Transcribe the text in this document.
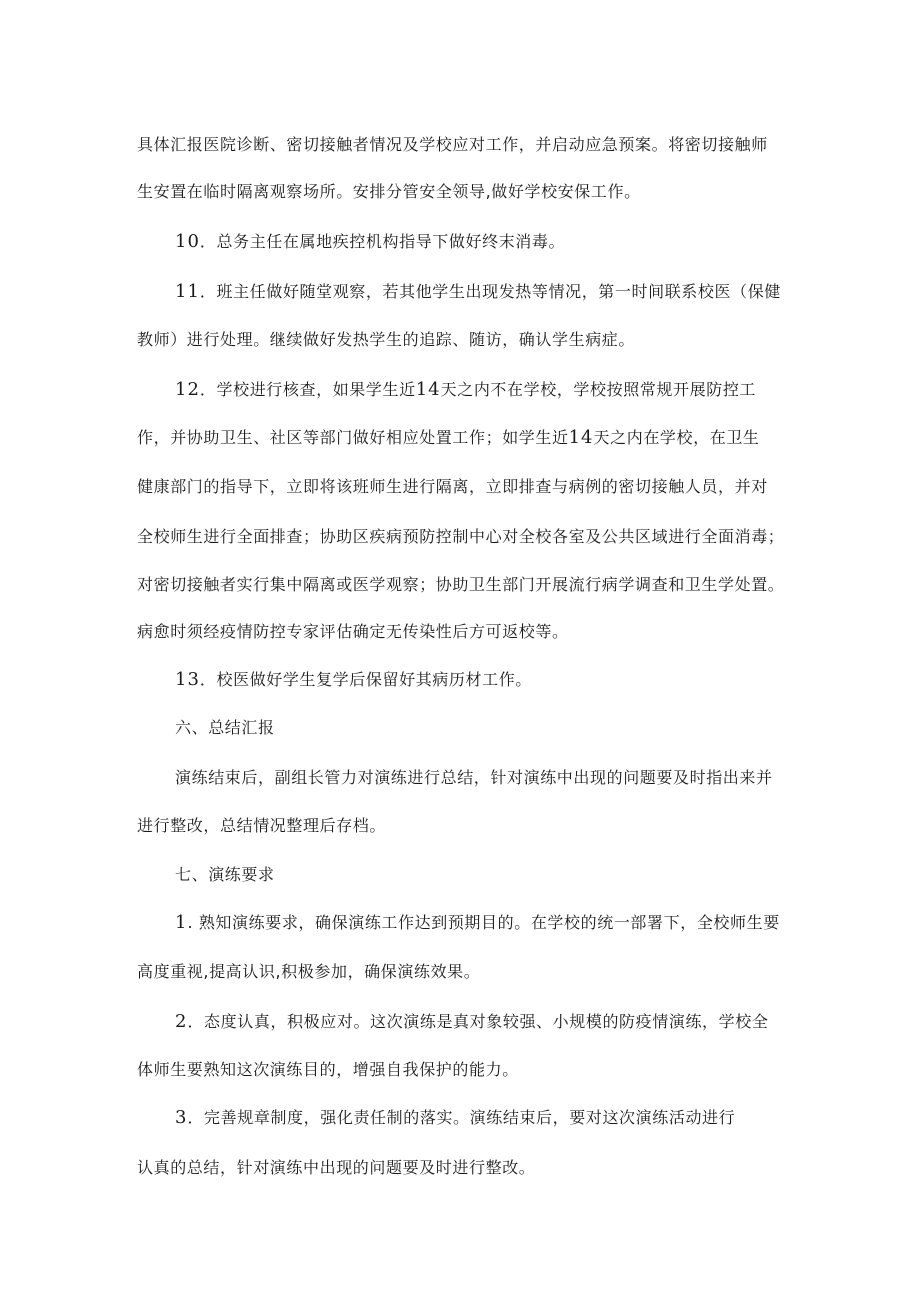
具体汇报医院诊断、密切接触者情况及学校应对工作，并启动应急预案。将密切接触师
生安置在临时隔离观察场所。安排分管安全领导,做好学校安保工作。
10．总务主任在属地疾控机构指导下做好终末消毒。
11．班主任做好随堂观察，若其他学生出现发热等情况，第一时间联系校医（保健
教师）进行处理。继续做好发热学生的追踪、随访，确认学生病症。
12．学校进行核查，如果学生近14天之内不在学校，学校按照常规开展防控工
作，并协助卫生、社区等部门做好相应处置工作；如学生近14天之内在学校，在卫生
健康部门的指导下，立即将该班师生进行隔离，立即排查与病例的密切接触人员，并对
全校师生进行全面排查；协助区疾病预防控制中心对全校各室及公共区域进行全面消毒；
对密切接触者实行集中隔离或医学观察；协助卫生部门开展流行病学调查和卫生学处置。
病愈时须经疫情防控专家评估确定无传染性后方可返校等。
13．校医做好学生复学后保留好其病历材工作。
六、总结汇报
演练结束后，副组长管力对演练进行总结，针对演练中出现的问题要及时指出来并
进行整改，总结情况整理后存档。
七、演练要求
1. 熟知演练要求，确保演练工作达到预期目的。在学校的统一部署下，全校师生要
高度重视,提高认识,积极参加，确保演练效果。
2．态度认真，积极应对。这次演练是真对象较强、小规模的防疫情演练，学校全
体师生要熟知这次演练目的，增强自我保护的能力。
3．完善规章制度，强化责任制的落实。演练结束后，要对这次演练活动进行
认真的总结，针对演练中出现的问题要及时进行整改。
